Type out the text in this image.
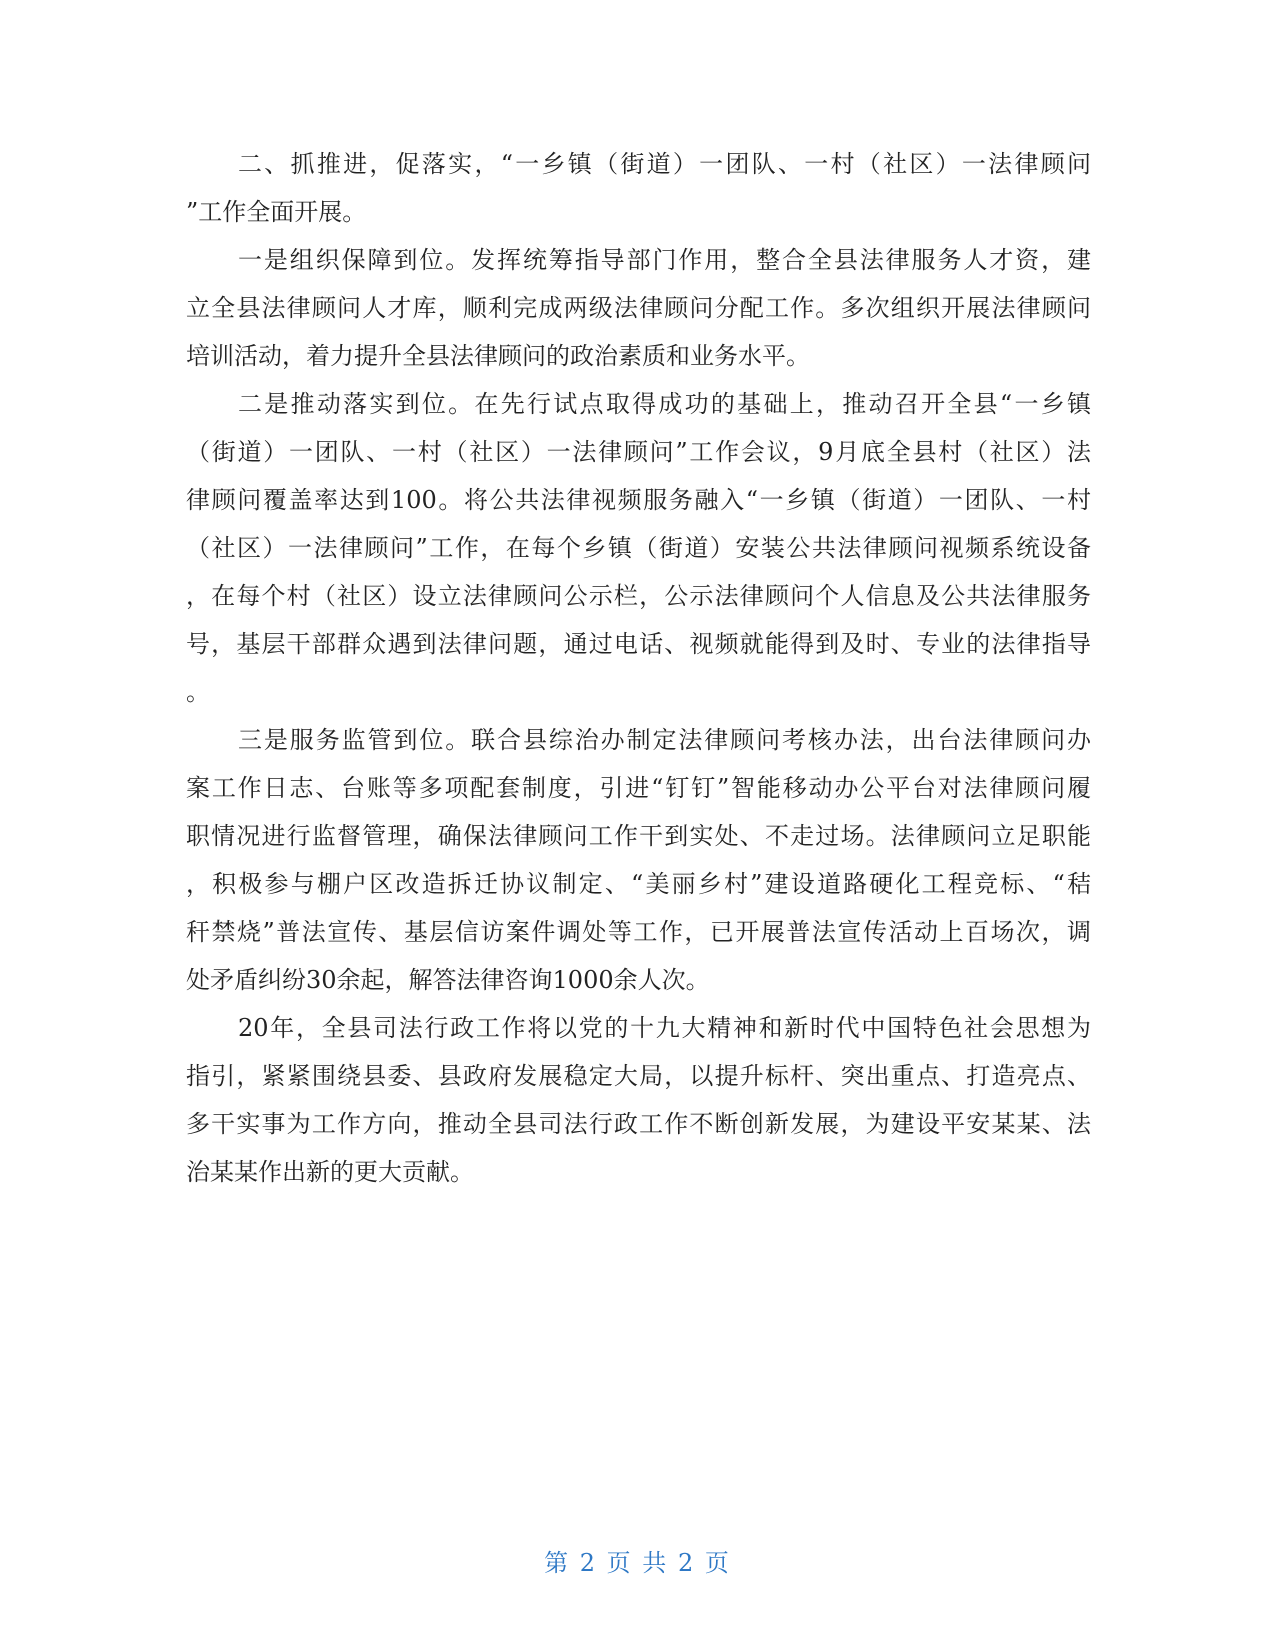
二、抓推进，促落实，“一乡镇（街道）一团队、一村（社区）一法律顾问
”工作全面开展。

一是组织保障到位。发挥统筹指导部门作用，整合全县法律服务人才资，建
立全县法律顾问人才库，顺利完成两级法律顾问分配工作。多次组织开展法律顾问
培训活动，着力提升全县法律顾问的政治素质和业务水平。

二是推动落实到位。在先行试点取得成功的基础上，推动召开全县“一乡镇
（街道）一团队、一村（社区）一法律顾问”工作会议，9月底全县村（社区）法
律顾问覆盖率达到100。将公共法律视频服务融入“一乡镇（街道）一团队、一村
（社区）一法律顾问”工作，在每个乡镇（街道）安装公共法律顾问视频系统设备
，在每个村（社区）设立法律顾问公示栏，公示法律顾问个人信息及公共法律服务
号，基层干部群众遇到法律问题，通过电话、视频就能得到及时、专业的法律指导
。

三是服务监管到位。联合县综治办制定法律顾问考核办法，出台法律顾问办
案工作日志、台账等多项配套制度，引进“钉钉”智能移动办公平台对法律顾问履
职情况进行监督管理，确保法律顾问工作干到实处、不走过场。法律顾问立足职能
，积极参与棚户区改造拆迁协议制定、“美丽乡村”建设道路硬化工程竞标、“秸
秆禁烧”普法宣传、基层信访案件调处等工作，已开展普法宣传活动上百场次，调
处矛盾纠纷30余起，解答法律咨询1000余人次。

20年，全县司法行政工作将以党的十九大精神和新时代中国特色社会思想为
指引，紧紧围绕县委、县政府发展稳定大局，以提升标杆、突出重点、打造亮点、
多干实事为工作方向，推动全县司法行政工作不断创新发展，为建设平安某某、法
治某某作出新的更大贡献。

第 2 页 共 2 页
